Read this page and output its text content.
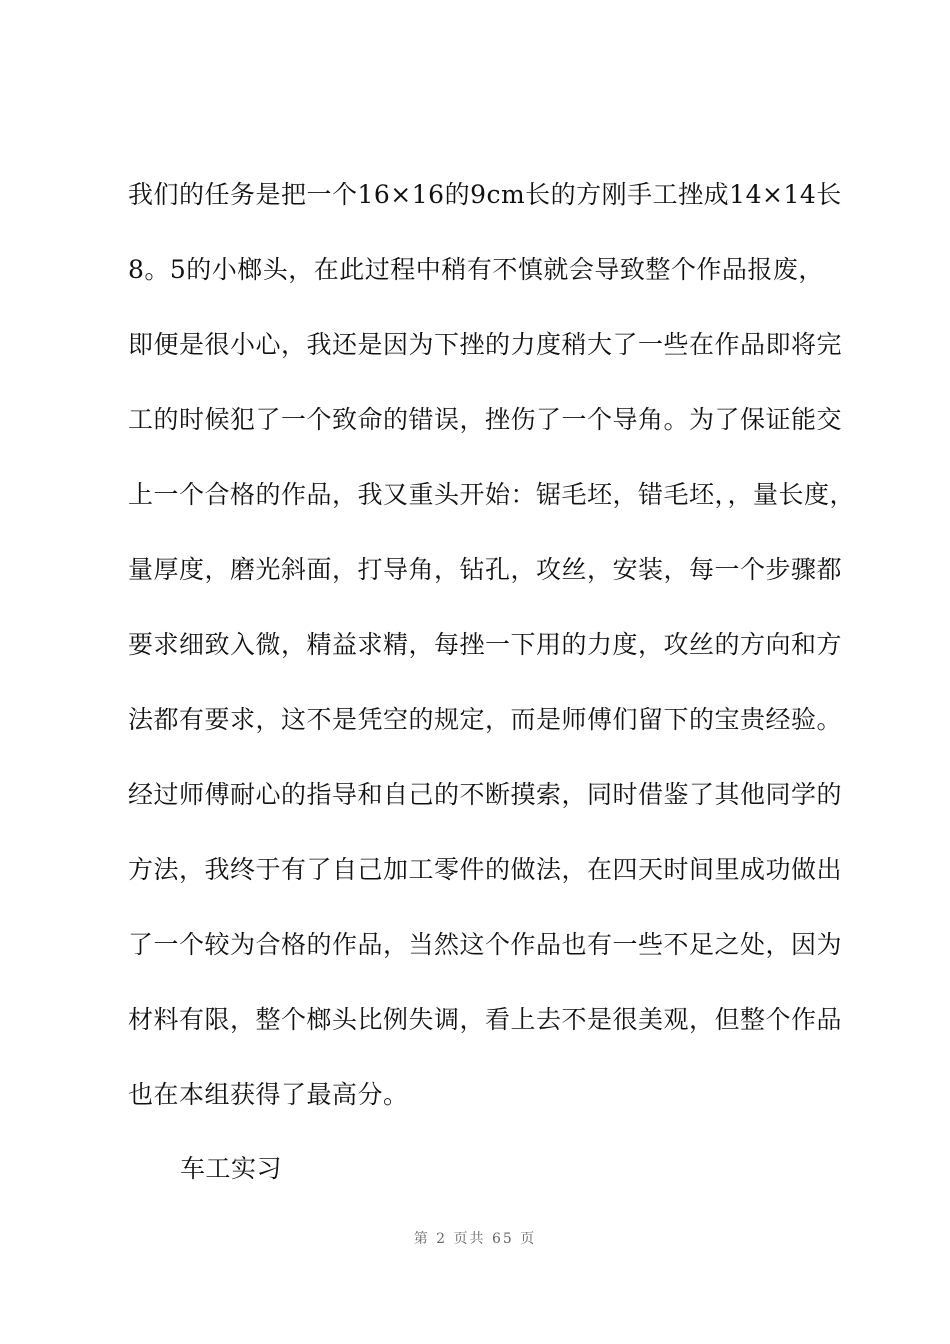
我们的任务是把一个16×16的9cm长的方刚手工挫成14×14长
8。5的小榔头，在此过程中稍有不慎就会导致整个作品报废，
即便是很小心，我还是因为下挫的力度稍大了一些在作品即将完
工的时候犯了一个致命的错误，挫伤了一个导角。为了保证能交
上一个合格的作品，我又重头开始：锯毛坯，错毛坯，，量长度，
量厚度，磨光斜面，打导角，钻孔，攻丝，安装，每一个步骤都
要求细致入微，精益求精，每挫一下用的力度，攻丝的方向和方
法都有要求，这不是凭空的规定，而是师傅们留下的宝贵经验。
经过师傅耐心的指导和自己的不断摸索，同时借鉴了其他同学的
方法，我终于有了自己加工零件的做法，在四天时间里成功做出
了一个较为合格的作品，当然这个作品也有一些不足之处，因为
材料有限，整个榔头比例失调，看上去不是很美观，但整个作品
也在本组获得了最高分。
车工实习
第 2 页共 65 页
